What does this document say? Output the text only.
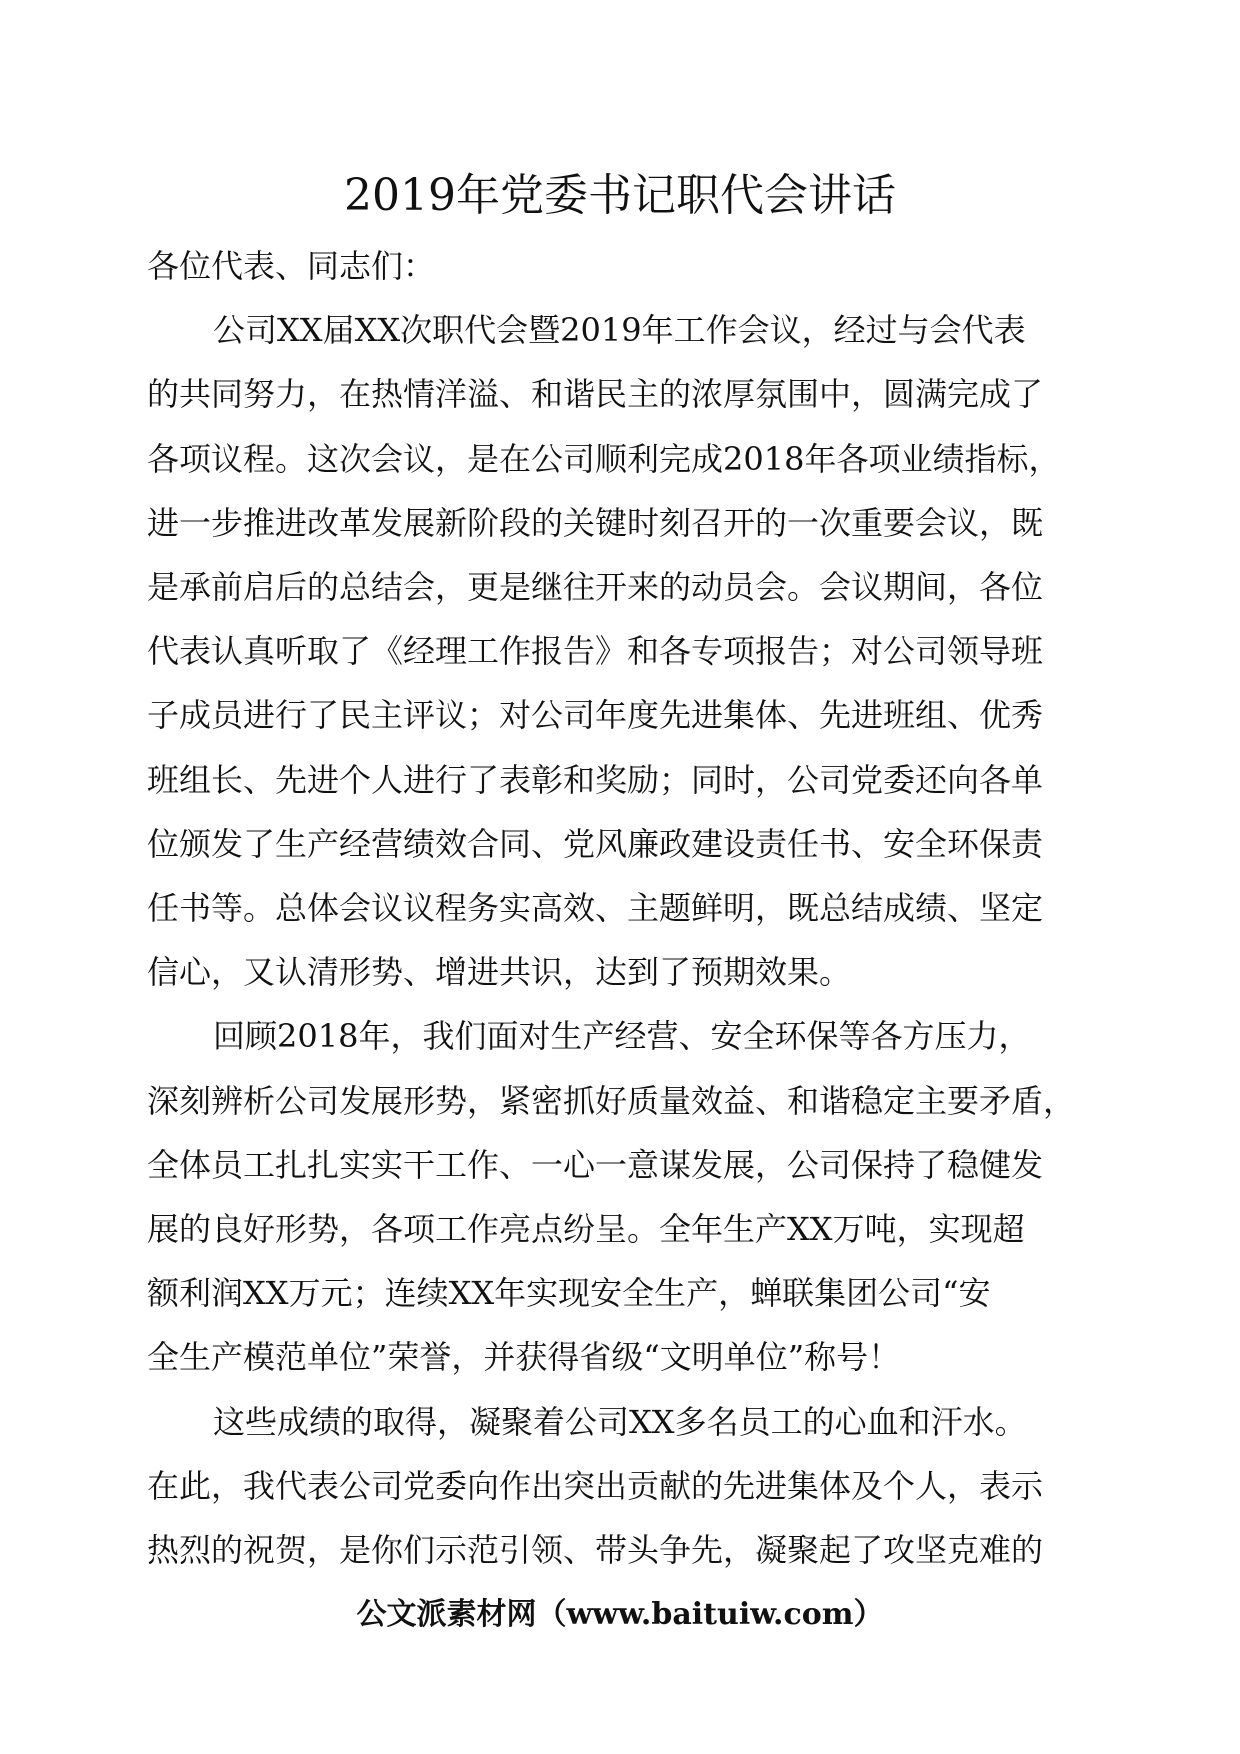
2019年党委书记职代会讲话

各位代表、同志们：

公司XX届XX次职代会暨2019年工作会议，经过与会代表
的共同努力，在热情洋溢、和谐民主的浓厚氛围中，圆满完成了
各项议程。这次会议，是在公司顺利完成2018年各项业绩指标，
进一步推进改革发展新阶段的关键时刻召开的一次重要会议，既
是承前启后的总结会，更是继往开来的动员会。会议期间，各位
代表认真听取了《经理工作报告》和各专项报告；对公司领导班
子成员进行了民主评议；对公司年度先进集体、先进班组、优秀
班组长、先进个人进行了表彰和奖励；同时，公司党委还向各单
位颁发了生产经营绩效合同、党风廉政建设责任书、安全环保责
任书等。总体会议议程务实高效、主题鲜明，既总结成绩、坚定
信心，又认清形势、增进共识，达到了预期效果。

回顾2018年，我们面对生产经营、安全环保等各方压力，
深刻辨析公司发展形势，紧密抓好质量效益、和谐稳定主要矛盾，
全体员工扎扎实实干工作、一心一意谋发展，公司保持了稳健发
展的良好形势，各项工作亮点纷呈。全年生产XX万吨，实现超
额利润XX万元；连续XX年实现安全生产，蝉联集团公司“安
全生产模范单位”荣誉，并获得省级“文明单位”称号！

这些成绩的取得，凝聚着公司XX多名员工的心血和汗水。
在此，我代表公司党委向作出突出贡献的先进集体及个人，表示
热烈的祝贺，是你们示范引领、带头争先，凝聚起了攻坚克难的

公文派素材网（www.baituiw.com）
